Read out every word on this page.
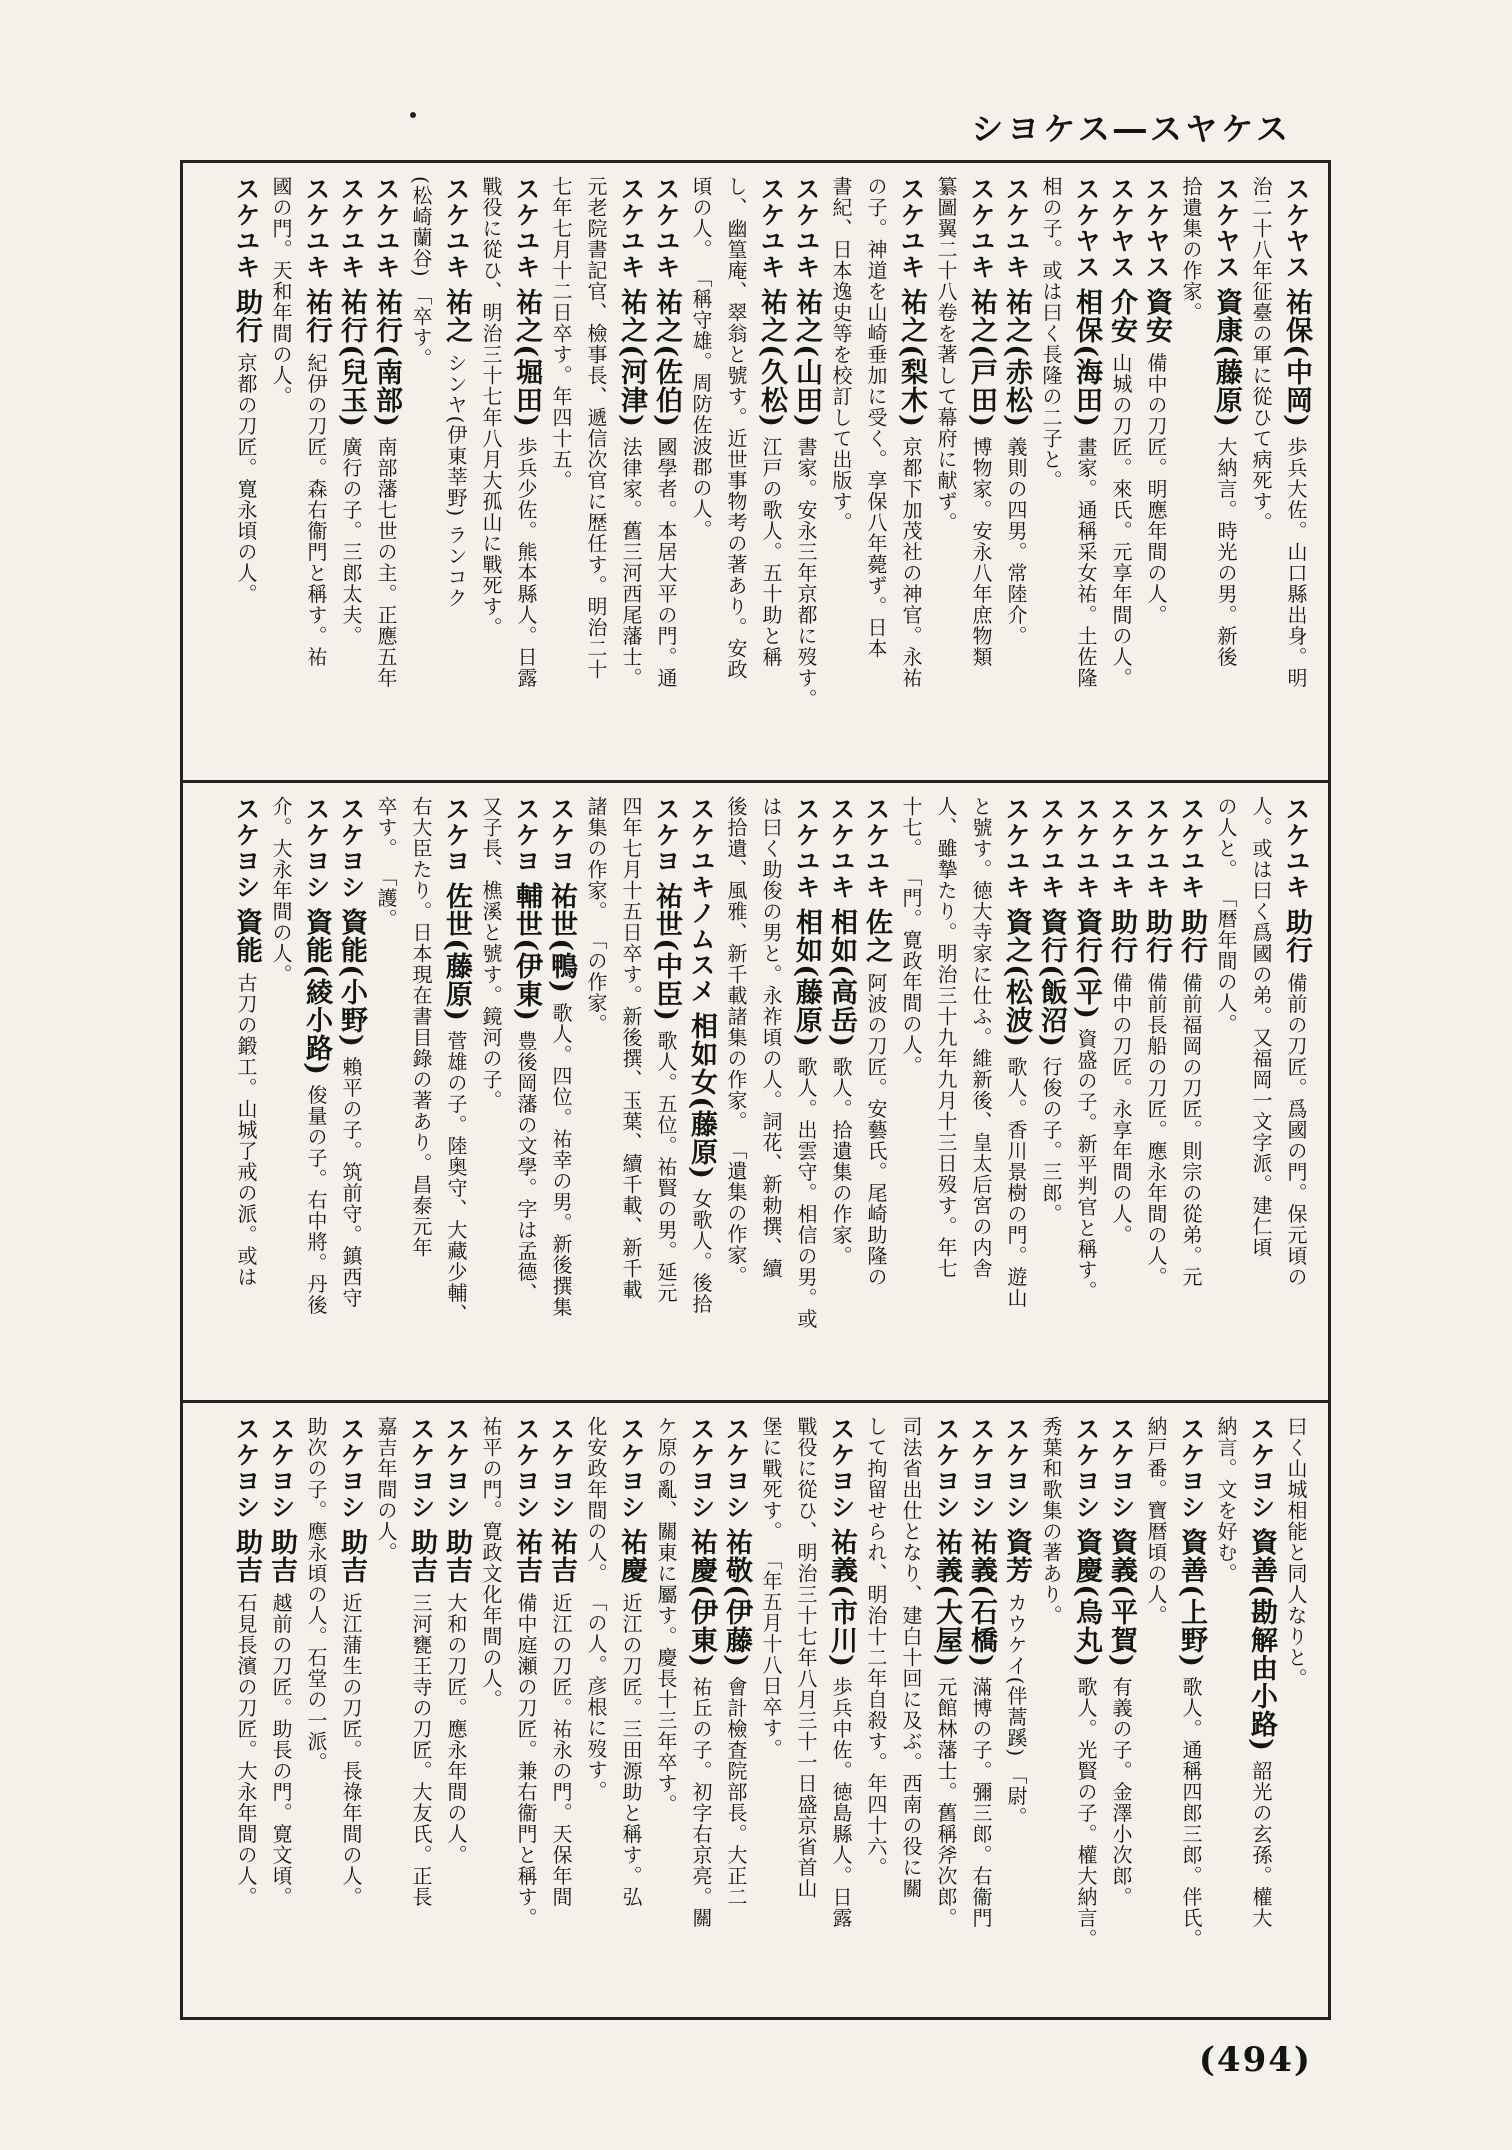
シヨケス―スヤケス
スケヤス 祐保(中岡) 歩兵大佐。山口縣出身。明
治二十八年征臺の軍に從ひて病死す。
スケヤス 資康(藤原) 大納言。時光の男。新後
拾遺集の作家。
スケヤス 資安 備中の刀匠。明應年間の人。
スケヤス 介安 山城の刀匠。來氏。元享年間の人。
スケヤス 相保(海田) 畫家。通稱采女祐。土佐隆
相の子。或は曰く長隆の二子と。
スケユキ 祐之(赤松) 義則の四男。常陸介。
スケユキ 祐之(戸田) 博物家。安永八年庶物類
纂圖翼二十八卷を著して幕府に献ず。
スケユキ 祐之(梨木) 京都下加茂社の神官。永祐
の子。神道を山崎垂加に受く。享保八年薨ず。日本
書紀、日本逸史等を校訂して出版す。
スケユキ 祐之(山田) 書家。安永三年京都に歿す。
スケユキ 祐之(久松) 江戸の歌人。五十助と稱
し、幽篁庵、翠翁と號す。近世事物考の著あり。安政
頃の人。 「稱守雄。周防佐波郡の人。
スケユキ 祐之(佐伯) 國學者。本居大平の門。通
スケユキ 祐之(河津) 法律家。舊三河西尾藩士。
元老院書記官、檢事長、遞信次官に歴任す。明治二十
七年七月十二日卒す。年四十五。
スケユキ 祐之(堀田) 歩兵少佐。熊本縣人。日露
戰役に從ひ、明治三十七年八月大孤山に戰死す。
スケユキ 祐之 シンヤ(伊東莘野) ランコク
(松崎蘭谷) 「卒す。
スケユキ 祐行(南部) 南部藩七世の主。正應五年
スケユキ 祐行(兒玉) 廣行の子。三郎太夫。
スケユキ 祐行 紀伊の刀匠。森右衞門と稱す。祐
國の門。天和年間の人。
スケユキ 助行 京都の刀匠。寛永頃の人。
スケユキ 助行 備前の刀匠。爲國の門。保元頃の
人。或は曰く爲國の弟。又福岡一文字派。建仁頃
の人と。 「暦年間の人。
スケユキ 助行 備前福岡の刀匠。則宗の從弟。元
スケユキ 助行 備前長船の刀匠。應永年間の人。
スケユキ 助行 備中の刀匠。永享年間の人。
スケユキ 資行(平) 資盛の子。新平判官と稱す。
スケユキ 資行(飯沼) 行俊の子。三郎。
スケユキ 資之(松波) 歌人。香川景樹の門。遊山
と號す。徳大寺家に仕ふ。維新後、皇太后宮の内舎
人、雖摯たり。明治三十九年九月十三日歿す。年七
十七。 「門。寛政年間の人。
スケユキ 佐之 阿波の刀匠。安藝氏。尾崎助隆の
スケユキ 相如(高岳) 歌人。拾遺集の作家。
スケユキ 相如(藤原) 歌人。出雲守。相信の男。或
は曰く助俊の男と。永祚頃の人。詞花、新勅撰、續
後拾遺、風雅、新千載諸集の作家。 「遺集の作家。
スケユキノムスメ 相如女(藤原) 女歌人。後拾
スケヨ 祐世(中臣) 歌人。五位。祐賢の男。延元
四年七月十五日卒す。新後撰、玉葉、續千載、新千載
諸集の作家。 「の作家。
スケヨ 祐世(鴨) 歌人。四位。祐幸の男。新後撰集
スケヨ 輔世(伊東) 豊後岡藩の文學。字は孟德、
又子長、樵溪と號す。鏡河の子。
スケヨ 佐世(藤原) 菅雄の子。陸奥守、大藏少輔、
右大臣たり。日本現在書目錄の著あり。昌泰元年
卒す。 「護。
スケヨシ 資能(小野) 賴平の子。筑前守。鎮西守
スケヨシ 資能(綾小路) 俊量の子。右中將。丹後
介。大永年間の人。
スケヨシ 資能 古刀の鍛工。山城了戒の派。或は
曰く山城相能と同人なりと。
スケヨシ 資善(勘解由小路) 韶光の玄孫。權大
納言。文を好む。
スケヨシ 資善(上野) 歌人。通稱四郎三郎。伴氏。
納戸番。寶暦頃の人。
スケヨシ 資義(平賀) 有義の子。金澤小次郎。
スケヨシ 資慶(烏丸) 歌人。光賢の子。權大納言。
秀葉和歌集の著あり。
スケヨシ 資芳 カウケイ(伴蒿蹊) 「尉。
スケヨシ 祐義(石橋) 滿博の子。彌三郎。右衞門
スケヨシ 祐義(大屋) 元館林藩士。舊稱斧次郎。
司法省出仕となり、建白十回に及ぶ。西南の役に關
して拘留せられ、明治十二年自殺す。年四十六。
スケヨシ 祐義(市川) 歩兵中佐。徳島縣人。日露
戰役に從ひ、明治三十七年八月三十一日盛京省首山
堡に戰死す。 「年五月十八日卒す。
スケヨシ 祐敬(伊藤) 會計檢査院部長。大正二
スケヨシ 祐慶(伊東) 祐丘の子。初字右京亮。關
ケ原の亂、關東に屬す。慶長十三年卒す。
スケヨシ 祐慶 近江の刀匠。三田源助と稱す。弘
化安政年間の人。 「の人。彦根に歿す。
スケヨシ 祐吉 近江の刀匠。祐永の門。天保年間
スケヨシ 祐吉 備中庭瀬の刀匠。兼右衞門と稱す。
祐平の門。寛政文化年間の人。
スケヨシ 助吉 大和の刀匠。應永年間の人。
スケヨシ 助吉 三河甕王寺の刀匠。大友氏。正長
嘉吉年間の人。
スケヨシ 助吉 近江蒲生の刀匠。長祿年間の人。
助次の子。應永頃の人。石堂の一派。
スケヨシ 助吉 越前の刀匠。助長の門。寛文頃。
スケヨシ 助吉 石見長濱の刀匠。大永年間の人。
(494)
